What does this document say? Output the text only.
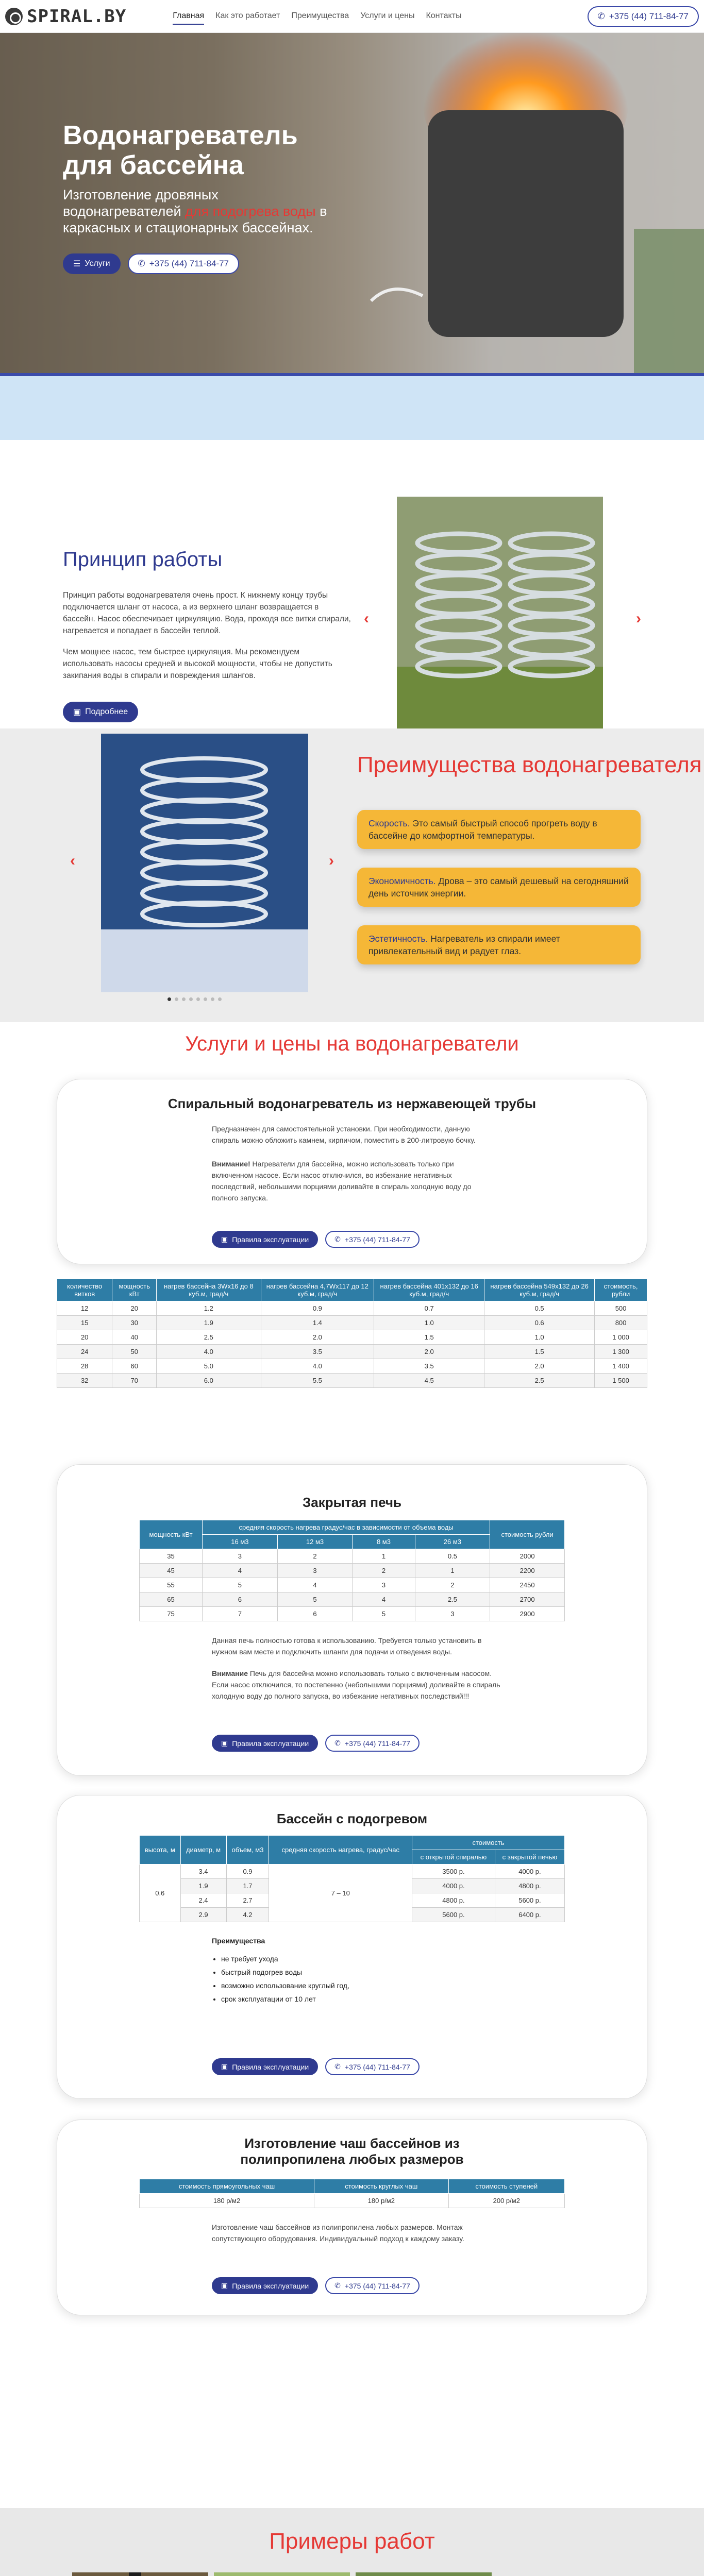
SPIRAL.BY	Главная Как это работает Преимущества Услуги и цены Контакты	✆ +375 (44) 711-84-77
Водонагреватель для бассейна
Изготовление дровяных водонагревателей для подогрева воды в каркасных и стационарных бассейнах.
☰ Услуги	✆ +375 (44) 711-84-77
Принцип работы

Принцип работы водонагревателя очень прост. К нижнему концу трубы подключается шланг от насоса, а из верхнего шланг возвращается в бассейн. Насос обеспечивает циркуляцию. Вода, проходя все витки спирали, нагревается и попадает в бассейн теплой.

Чем мощнее насос, тем быстрее циркуляция. Мы рекомендуем использовать насосы средней и высокой мощности, чтобы не допустить закипания воды в спирали и повреждения шлангов.

▣ Подробнее
‹	›
‹	›
Преимущества водонагревателя
Скорость. Это самый быстрый способ прогреть воду в бассейне до комфортной температуры.
Экономичность. Дрова – это самый дешевый на сегодняшний день источник энергии.
Эстетичность. Нагреватель из спирали имеет привлекательный вид и радует глаз.
Услуги и цены на водонагреватели
Спиральный водонагреватель из нержавеющей трубы

Предназначен для самостоятельной установки. При необходимости, данную спираль можно обложить камнем, кирпичом, поместить в 200-литровую бочку.

Внимание! Нагреватели для бассейна, можно использовать только при включенном насосе. Если насос отключился, во избежание негативных последствий, небольшими порциями доливайте в спираль холодную воду до полного запуска.

▣ Правила эксплуатации	✆ +375 (44) 711-84-77
количество витков	мощность кВт	нагрев бассейна 3Wx16 до 8 куб.м, град/ч	нагрев бассейна 4,7Wx117 до 12 куб.м, град/ч	нагрев бассейна 401х132 до 16 куб.м, град/ч	нагрев бассейна 549х132 до 26 куб.м, град/ч	стоимость, рубли
12	20	1.2	0.9	0.7	0.5	500
15	30	1.9	1.4	1.0	0.6	800
20	40	2.5	2.0	1.5	1.0	1 000
24	50	4.0	3.5	2.0	1.5	1 300
28	60	5.0	4.0	3.5	2.0	1 400
32	70	6.0	5.5	4.5	2.5	1 500
Закрытая печь
мощность кВт	средняя скорость нагрева градус/час в зависимости от объема воды				стоимость рубли
	16 м3	12 м3	8 м3	26 м3	
35	3	2	1	0.5	2000
45	4	3	2	1	2200
55	5	4	3	2	2450
65	6	5	4	2.5	2700
75	7	6	5	3	2900

Данная печь полностью готова к использованию. Требуется только установить в нужном вам месте и подключить шланги для подачи и отведения воды.

Внимание Печь для бассейна можно использовать только с включенным насосом. Если насос отключился, то постепенно (небольшими порциями) доливайте в спираль холодную воду до полного запуска, во избежание негативных последствий!!!

▣ Правила эксплуатации	✆ +375 (44) 711-84-77
Бассейн с подогревом
высота, м	диаметр, м	объем, м3	средняя скорость нагрева, градус/час	стоимость	
				с открытой спиралью	с закрытой печью
0.6	3.4	0.9	7 – 10	3500 р.	4000 р.
	1.9	1.7		4000 р.	4800 р.
	2.4	2.7		4800 р.	5600 р.
	2.9	4.2		5600 р.	6400 р.
Преимущества
• не требует ухода
• быстрый подогрев воды
• возможно использование круглый год,
• срок эксплуатации от 10 лет
▣ Правила эксплуатации	✆ +375 (44) 711-84-77
Изготовление чаш бассейнов из полипропилена любых размеров
стоимость прямоугольных чаш	стоимость круглых чаш	стоимость ступеней
180 р/м2	180 р/м2	200 р/м2

Изготовление чаш бассейнов из полипропилена любых размеров. Монтаж сопутствующего оборудования. Индивидуальный подход к каждому заказу.

▣ Правила эксплуатации	✆ +375 (44) 711-84-77
Примеры работ
